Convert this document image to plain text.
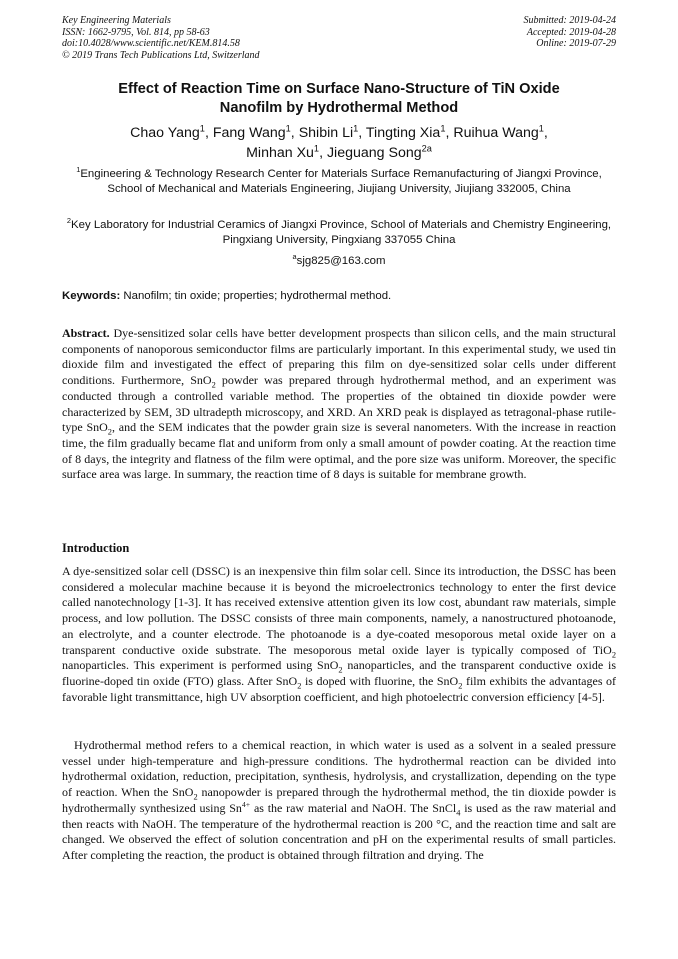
Key Engineering Materials
ISSN: 1662-9795, Vol. 814, pp 58-63
doi:10.4028/www.scientific.net/KEM.814.58
© 2019 Trans Tech Publications Ltd, Switzerland
Submitted: 2019-04-24
Accepted: 2019-04-28
Online: 2019-07-29
Effect of Reaction Time on Surface Nano-Structure of TiN Oxide
Nanofilm by Hydrothermal Method
Chao Yang$^1$, Fang Wang$^1$, Shibin Li$^1$, Tingting Xia$^1$, Ruihua Wang$^1$,
Minhan Xu$^1$, Jieguang Song$^{2a}$
$^1$Engineering & Technology Research Center for Materials Surface Remanufacturing of Jiangxi Province, School of Mechanical and Materials Engineering, Jiujiang University, Jiujiang 332005, China
$^2$Key Laboratory for Industrial Ceramics of Jiangxi Province, School of Materials and Chemistry Engineering, Pingxiang University, Pingxiang 337055 China
$^a$sjg825@163.com
Keywords: Nanofilm; tin oxide; properties; hydrothermal method.
Abstract. Dye-sensitized solar cells have better development prospects than silicon cells, and the main structural components of nanoporous semiconductor films are particularly important. In this experimental study, we used tin dioxide film and investigated the effect of preparing this film on dye-sensitized solar cells under different conditions. Furthermore, SnO$_2$ powder was prepared through hydrothermal method, and an experiment was conducted through a controlled variable method. The properties of the obtained tin dioxide powder were characterized by SEM, 3D ultradepth microscopy, and XRD. An XRD peak is displayed as tetragonal-phase rutile-type SnO$_2$, and the SEM indicates that the powder grain size is several nanometers. With the increase in reaction time, the film gradually became flat and uniform from only a small amount of powder coating. At the reaction time of 8 days, the integrity and flatness of the film were optimal, and the pore size was uniform. Moreover, the specific surface area was large. In summary, the reaction time of 8 days is suitable for membrane growth.
Introduction

A dye-sensitized solar cell (DSSC) is an inexpensive thin film solar cell. Since its introduction, the DSSC has been considered a molecular machine because it is beyond the microelectronics technology to enter the first device called nanotechnology [1-3]. It has received extensive attention given its low cost, abundant raw materials, simple process, and low pollution. The DSSC consists of three main components, namely, a nanostructured photoanode, an electrolyte, and a counter electrode. The photoanode is a dye-coated mesoporous metal oxide layer on a transparent conductive oxide substrate. The mesoporous metal oxide layer is typically composed of TiO$_2$ nanoparticles. This experiment is performed using SnO$_2$ nanoparticles, and the transparent conductive oxide is fluorine-doped tin oxide (FTO) glass. After SnO$_2$ is doped with fluorine, the SnO$_2$ film exhibits the advantages of favorable light transmittance, high UV absorption coefficient, and high photoelectric conversion efficiency [4-5].

Hydrothermal method refers to a chemical reaction, in which water is used as a solvent in a sealed pressure vessel under high-temperature and high-pressure conditions. The hydrothermal reaction can be divided into hydrothermal oxidation, reduction, precipitation, synthesis, hydrolysis, and crystallization, depending on the type of reaction. When the SnO$_2$ nanopowder is prepared through the hydrothermal method, the tin dioxide powder is hydrothermally synthesized using $Sn^{4+}$ as the raw material and NaOH. The SnCl$_4$ is used as the raw material and then reacts with NaOH. The temperature of the hydrothermal reaction is 200 °C, and the reaction time and salt are changed. We observed the effect of solution concentration and pH on the experimental results of small particles. After completing the reaction, the product is obtained through filtration and drying. The
